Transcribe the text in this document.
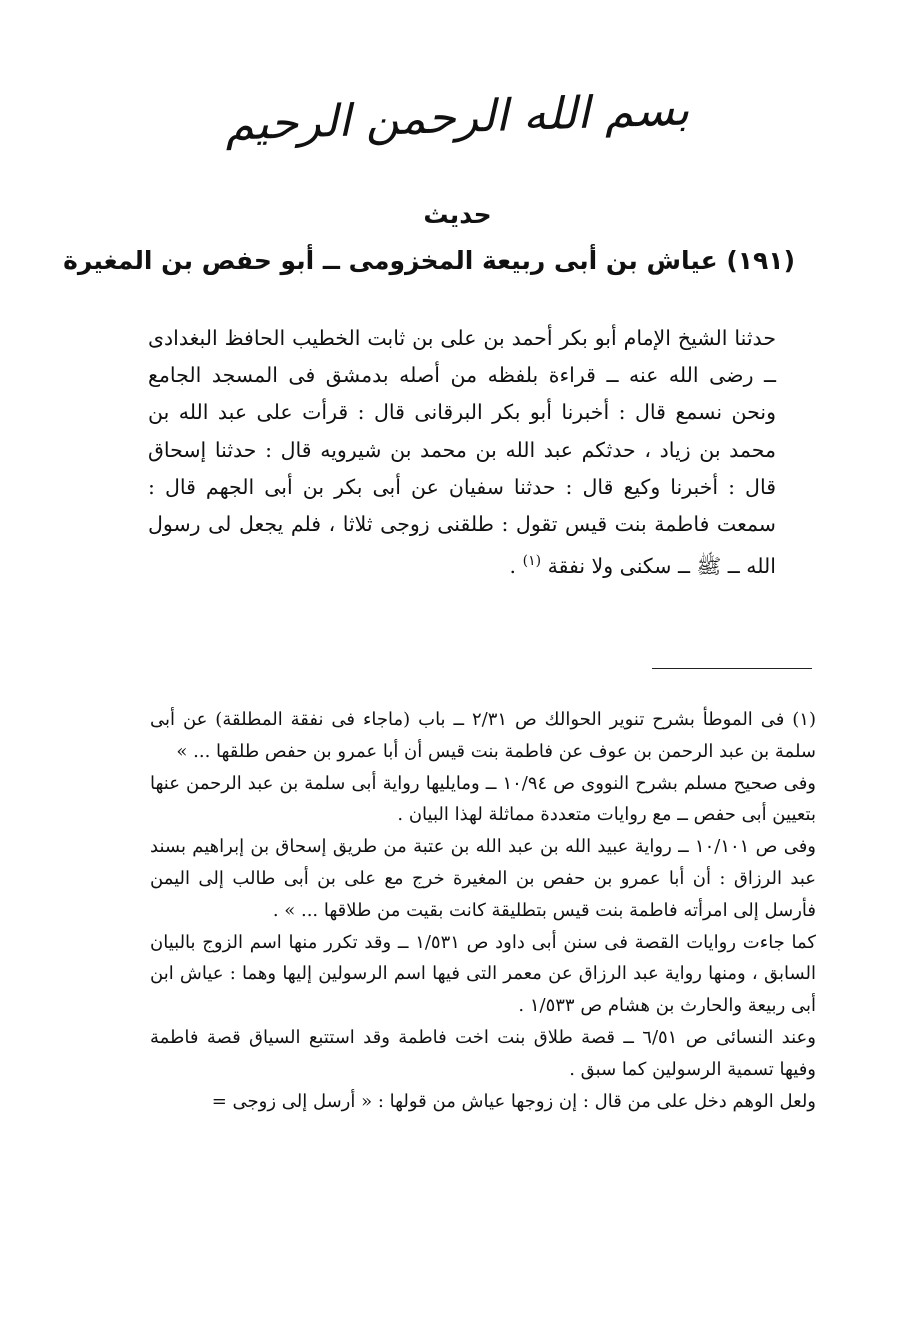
بسم الله الرحمن الرحيم
حديث
(١٩١) عياش بن أبى ربيعة المخزومى ــ أبو حفص بن المغيرة
حدثنا الشيخ الإمام أبو بكر أحمد بن على بن ثابت الخطيب الحافظ البغدادى ــ رضى الله عنه ــ قراءة بلفظه من أصله بدمشق فى المسجد الجامع ونحن نسمع قال : أخبرنا أبو بكر البرقانى قال : قرأت على عبد الله بن محمد بن زياد ، حدثكم عبد الله بن محمد بن شيرويه قال : حدثنا إسحاق قال : أخبرنا وكيع قال : حدثنا سفيان عن أبى بكر بن أبى الجهم قال : سمعت فاطمة بنت قيس تقول : طلقنى زوجى ثلاثا ، فلم يجعل لى رسول الله ــ ﷺ ــ سكنى ولا نفقة $^{(١)}$ .

(١) فى الموطأ بشرح تنوير الحوالك ص ٢/٣١ ــ باب (ماجاء فى نفقة المطلقة) عن أبى سلمة بن عبد الرحمن بن عوف عن فاطمة بنت قيس أن أبا عمرو بن حفص طلقها ... »

وفى صحيح مسلم بشرح النووى ص ١٠/٩٤ ــ ومايليها رواية أبى سلمة بن عبد الرحمن عنها بتعيين أبى حفص ــ مع روايات متعددة مماثلة لهذا البيان .

وفى ص ١٠/١٠١ ــ رواية عبيد الله بن عبد الله بن عتبة من طريق إسحاق بن إبراهيم بسند عبد الرزاق : أن أبا عمرو بن حفص بن المغيرة خرج مع على بن أبى طالب إلى اليمن فأرسل إلى امرأته فاطمة بنت قيس بتطليقة كانت بقيت من طلاقها ... » .

كما جاءت روايات القصة فى سنن أبى داود ص ١/٥٣١ ــ وقد تكرر منها اسم الزوج بالبيان السابق ، ومنها رواية عبد الرزاق عن معمر التى فيها اسم الرسولين إليها وهما : عياش ابن أبى ربيعة والحارث بن هشام ص ١/٥٣٣ .

وعند النسائى ص ٦/٥١ ــ قصة طلاق بنت اخت فاطمة وقد استتبع السياق قصة فاطمة وفيها تسمية الرسولين كما سبق .

ولعل الوهم دخل على من قال : إن زوجها عياش من قولها : « أرسل إلى زوجى =
